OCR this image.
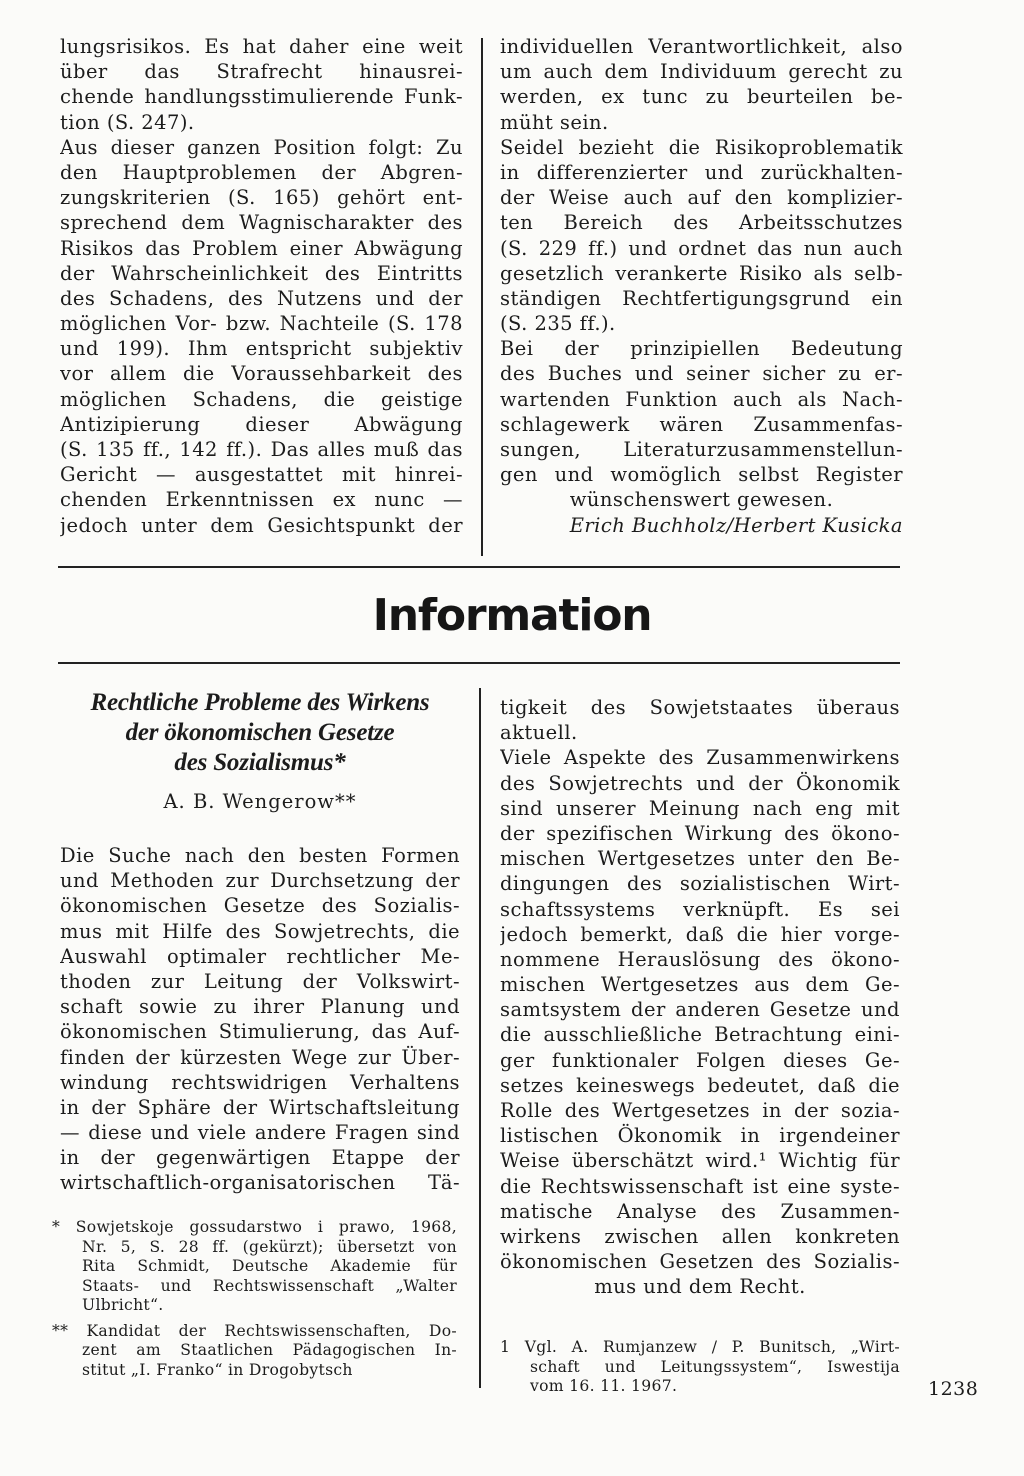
lungsrisikos. Es hat daher eine weit
über das Strafrecht hinausrei-
chende handlungsstimulierende Funk-
tion (S. 247).
Aus dieser ganzen Position folgt: Zu
den Hauptproblemen der Abgren-
zungskriterien (S. 165) gehört ent-
sprechend dem Wagnischarakter des
Risikos das Problem einer Abwägung
der Wahrscheinlichkeit des Eintritts
des Schadens, des Nutzens und der
möglichen Vor- bzw. Nachteile (S. 178
und 199). Ihm entspricht subjektiv
vor allem die Voraussehbarkeit des
möglichen Schadens, die geistige
Antizipierung dieser Abwägung
(S. 135 ff., 142 ff.). Das alles muß das
Gericht — ausgestattet mit hinrei-
chenden Erkenntnissen ex nunc —
jedoch unter dem Gesichtspunkt der
individuellen Verantwortlichkeit, also
um auch dem Individuum gerecht zu
werden, ex tunc zu beurteilen be-
müht sein.
Seidel bezieht die Risikoproblematik
in differenzierter und zurückhalten-
der Weise auch auf den komplizier-
ten Bereich des Arbeitsschutzes
(S. 229 ff.) und ordnet das nun auch
gesetzlich verankerte Risiko als selb-
ständigen Rechtfertigungsgrund ein
(S. 235 ff.).
Bei der prinzipiellen Bedeutung
des Buches und seiner sicher zu er-
wartenden Funktion auch als Nach-
schlagewerk wären Zusammenfas-
sungen, Literaturzusammenstellun-
gen und womöglich selbst Register
wünschenswert gewesen.
Erich Buchholz/Herbert Kusicka
Information
Rechtliche Probleme des Wirkens
der ökonomischen Gesetze
des Sozialismus*
A. B. Wengerow**
Die Suche nach den besten Formen
und Methoden zur Durchsetzung der
ökonomischen Gesetze des Sozialis-
mus mit Hilfe des Sowjetrechts, die
Auswahl optimaler rechtlicher Me-
thoden zur Leitung der Volkswirt-
schaft sowie zu ihrer Planung und
ökonomischen Stimulierung, das Auf-
finden der kürzesten Wege zur Über-
windung rechtswidrigen Verhaltens
in der Sphäre der Wirtschaftsleitung
— diese und viele andere Fragen sind
in der gegenwärtigen Etappe der
wirtschaftlich-organisatorischen Tä-
* Sowjetskoje gossudarstwo i prawo, 1968,
Nr. 5, S. 28 ff. (gekürzt); übersetzt von
Rita Schmidt, Deutsche Akademie für
Staats- und Rechtswissenschaft „Walter
Ulbricht“.
** Kandidat der Rechtswissenschaften, Do-
zent am Staatlichen Pädagogischen In-
stitut „I. Franko“ in Drogobytsch
tigkeit des Sowjetstaates überaus
aktuell.
Viele Aspekte des Zusammenwirkens
des Sowjetrechts und der Ökonomik
sind unserer Meinung nach eng mit
der spezifischen Wirkung des ökono-
mischen Wertgesetzes unter den Be-
dingungen des sozialistischen Wirt-
schaftssystems verknüpft. Es sei
jedoch bemerkt, daß die hier vorge-
nommene Herauslösung des ökono-
mischen Wertgesetzes aus dem Ge-
samtsystem der anderen Gesetze und
die ausschließliche Betrachtung eini-
ger funktionaler Folgen dieses Ge-
setzes keineswegs bedeutet, daß die
Rolle des Wertgesetzes in der sozia-
listischen Ökonomik in irgendeiner
Weise überschätzt wird.¹ Wichtig für
die Rechtswissenschaft ist eine syste-
matische Analyse des Zusammen-
wirkens zwischen allen konkreten
ökonomischen Gesetzen des Sozialis-
mus und dem Recht.
1 Vgl. A. Rumjanzew / P. Bunitsch, „Wirt-
schaft und Leitungssystem“, Iswestija
vom 16. 11. 1967.	1238
